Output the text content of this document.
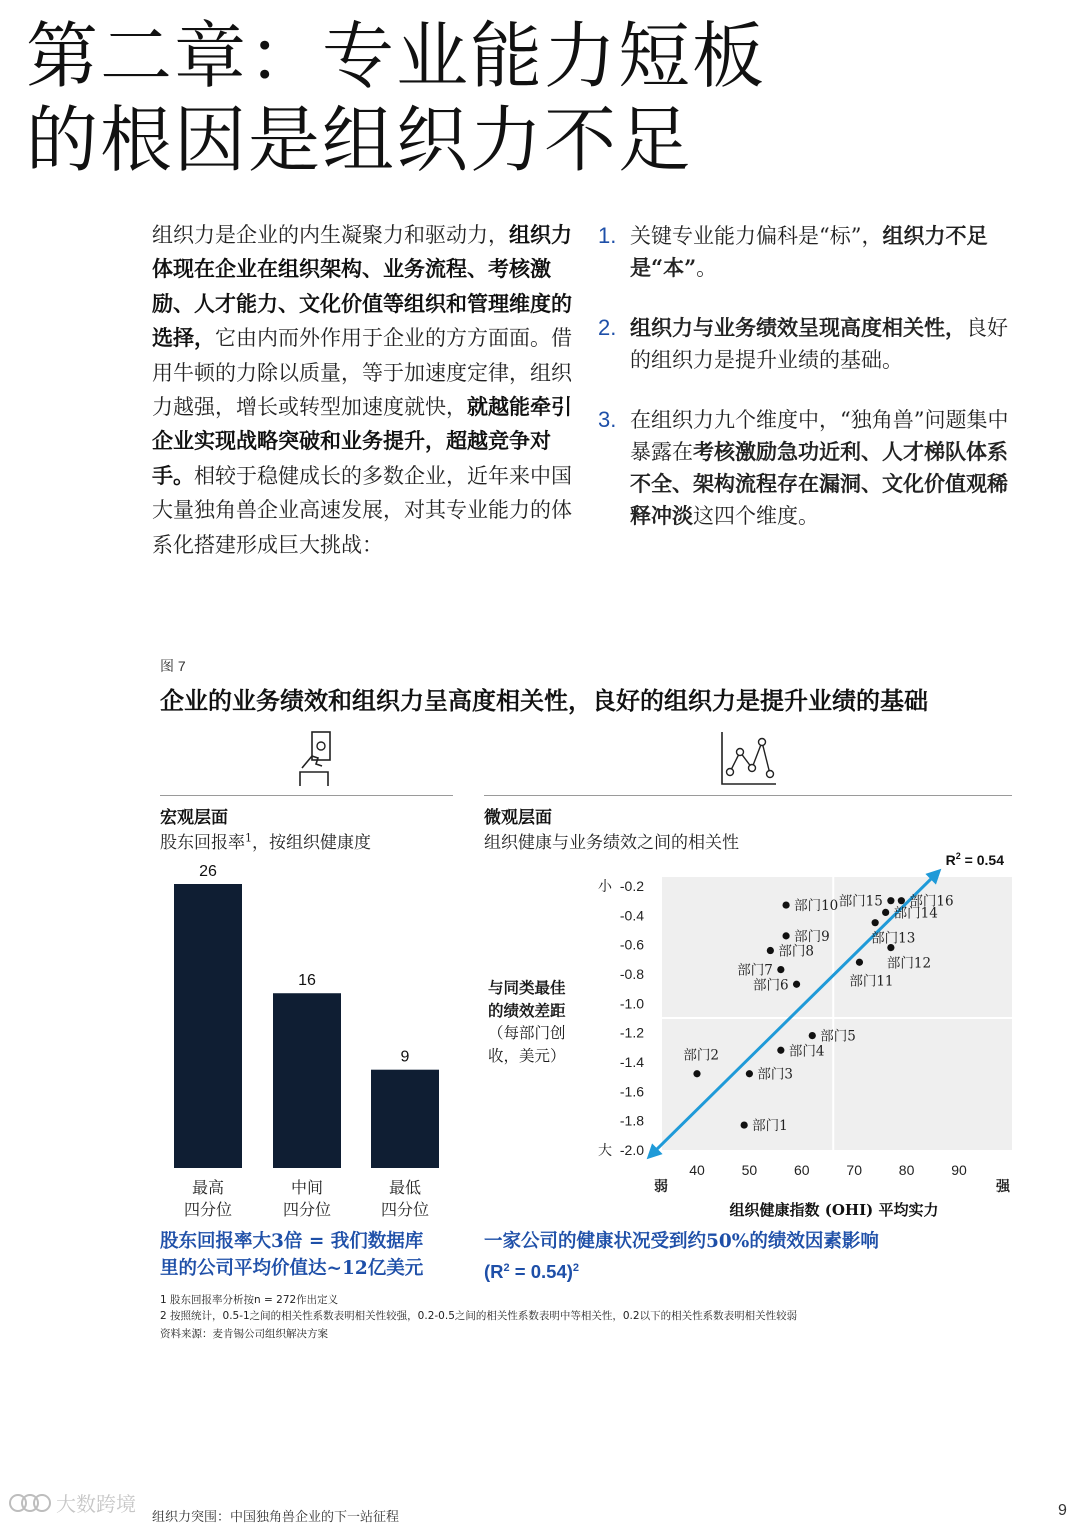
第二章：专业能力短板
的根因是组织力不足
组织力是企业的内生凝聚力和驱动力，组织力体现在企业在组织架构、业务流程、考核激励、人才能力、文化价值等组织和管理维度的选择，它由内而外作用于企业的方方面面。借用牛顿的力除以质量，等于加速度定律，组织力越强，增长或转型加速度就快，就越能牵引企业实现战略突破和业务提升，超越竞争对手。相较于稳健成长的多数企业，近年来中国大量独角兽企业高速发展，对其专业能力的体系化搭建形成巨大挑战：
1. 关键专业能力偏科是“标”，组织力不足是“本”。
2. 组织力与业务绩效呈现高度相关性，良好的组织力是提升业绩的基础。
3. 在组织力九个维度中，“独角兽”问题集中暴露在考核激励急功近利、人才梯队体系不全、架构流程存在漏洞、文化价值观稀释冲淡这四个维度。
图 7
企业的业务绩效和组织力呈高度相关性，良好的组织力是提升业绩的基础
宏观层面
股东回报率$^1$，按组织健康度
微观层面
组织健康与业务绩效之间的相关性
26
最高
四分位
16
中间
四分位
9
最低
四分位
与同类最佳
的绩效差距
（每部门创
收，美元）
-0.2
-0.4
-0.6
-0.8
-1.0
-1.2
-1.4
-1.6
-1.8
-2.0
小
大
40	50	60	70	80	90
弱	强
组织健康指数 (OHI) 平均实力
$R^2 = 0.54$
部门1
部门2
部门3
部门4
部门5
部门6
部门7
部门8
部门9
部门10
部门11
部门12
部门13
部门14
部门15 部门16
股东回报率大3倍 = 我们数据库
里的公司平均价值达~12亿美元
一家公司的健康状况受到约50%的绩效因素影响
$(R^2 = 0.54)^2$
1 股东回报率分析按n = 272作出定义
2 按照统计，0.5-1之间的相关性系数表明相关性较强，0.2-0.5之间的相关性系数表明中等相关性，0.2以下的相关性系数表明相关性较弱
资料来源：麦肯锡公司组织解决方案
大数跨境
组织力突围：中国独角兽企业的下一站征程	9
